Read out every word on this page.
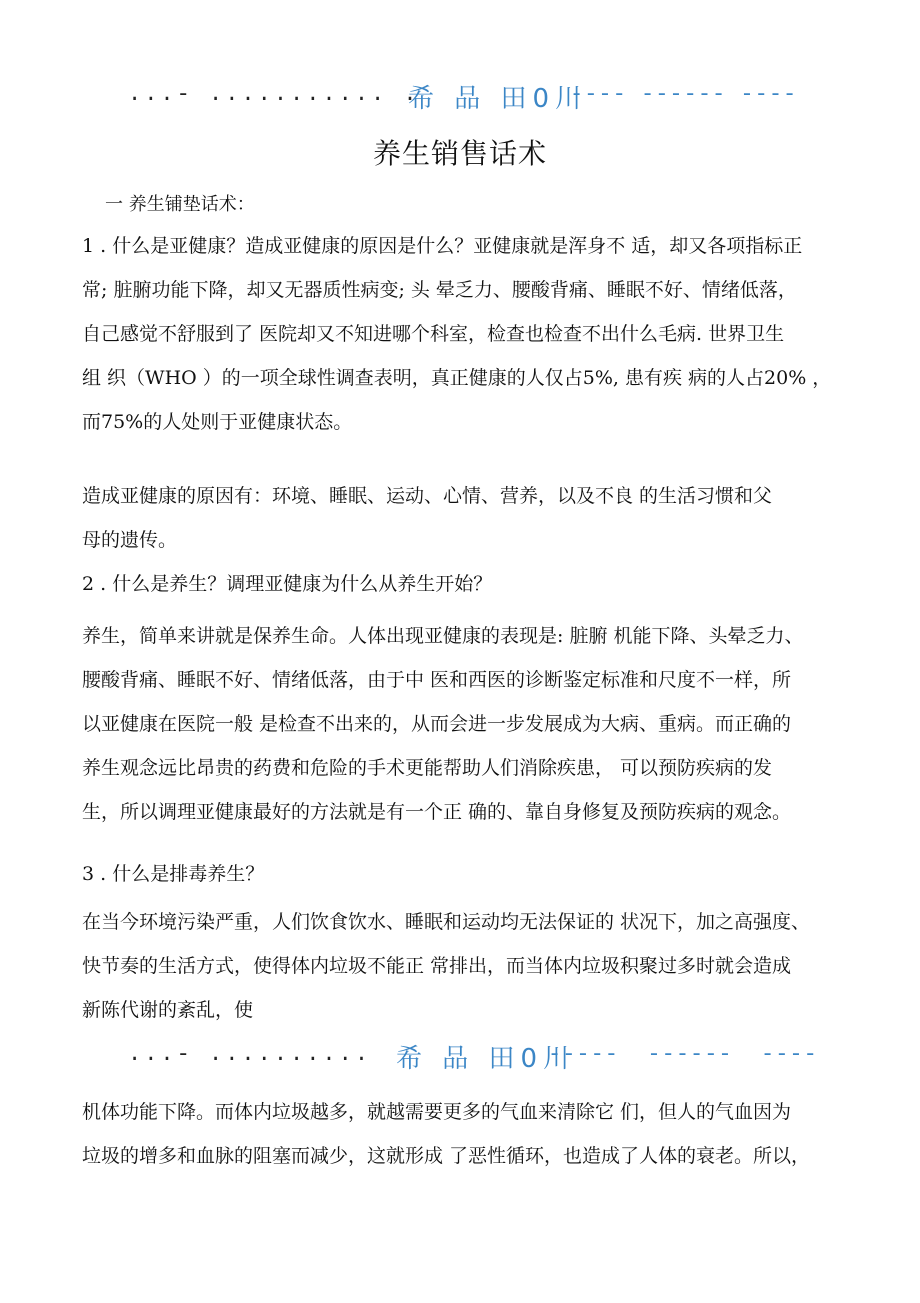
...- ........... .
希 品 田0川
---- ------ ----
养生销售话术
一 养生铺垫话术：
1 . 什么是亚健康？造成亚健康的原因是什么？亚健康就是浑身不 适，却又各项指标正
常; 脏腑功能下降，却又无器质性病变; 头 晕乏力、腰酸背痛、睡眠不好、情绪低落，
自己感觉不舒服到了 医院却又不知进哪个科室，检查也检查不出什么毛病. 世界卫生
组 织（WHO ）的一项全球性调查表明，真正健康的人仅占5%, 患有疾 病的人占20% ，
而75%的人处则于亚健康状态。
造成亚健康的原因有：环境、睡眠、运动、心情、营养，以及不良 的生活习惯和父
母的遗传。
2 . 什么是养生？调理亚健康为什么从养生开始？
养生，简单来讲就是保养生命。人体出现亚健康的表现是: 脏腑 机能下降、头晕乏力、
腰酸背痛、睡眠不好、情绪低落，由于中 医和西医的诊断鉴定标准和尺度不一样，所
以亚健康在医院一般 是检查不出来的，从而会进一步发展成为大病、重病。而正确的
养生观念远比昂贵的药费和危险的手术更能帮助人们消除疾患， 可以预防疾病的发
生，所以调理亚健康最好的方法就是有一个正 确的、靠自身修复及预防疾病的观念。
3 . 什么是排毒养生？
在当今环境污染严重，人们饮食饮水、睡眠和运动均无法保证的 状况下，加之高强度、
快节奏的生活方式，使得体内垃圾不能正 常排出，而当体内垃圾积聚过多时就会造成
新陈代谢的紊乱，使
...- .......... 希 品 田0川
-----  ------  ----
机体功能下降。而体内垃圾越多，就越需要更多的气血来清除它 们，但人的气血因为
垃圾的增多和血脉的阻塞而减少，这就形成 了恶性循环，也造成了人体的衰老。所以，
